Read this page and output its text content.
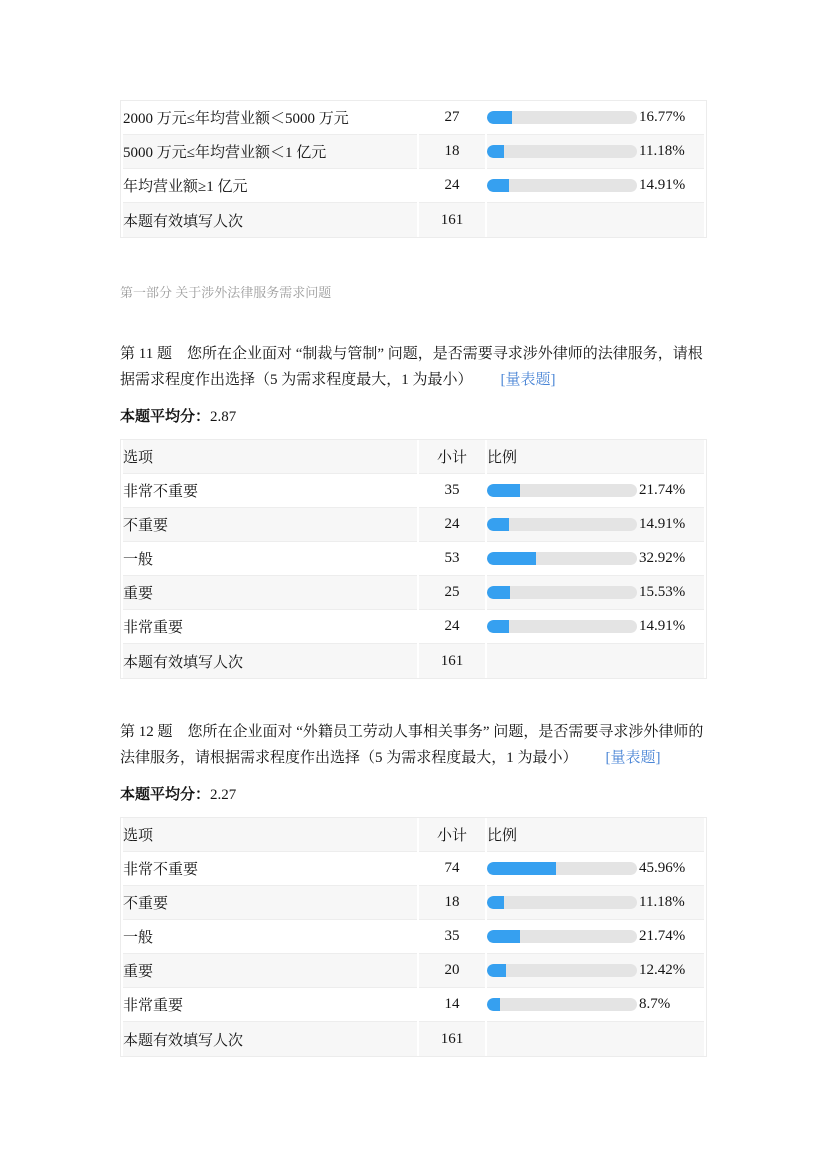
2000 万元≤年均营业额＜5000 万元	27	16.77%

5000 万元≤年均营业额＜1 亿元	18	11.18%

年均营业额≥1 亿元	24	14.91%

本题有效填写人次	161	
第一部分 关于涉外法律服务需求问题
第 11 题　您所在企业面对 “制裁与管制” 问题，是否需要寻求涉外律师的法律服务，请根据需求程度作出选择（5 为需求程度最大，1 为最小） [量表题]
本题平均分：2.87
选项	小计	比例
非常不重要	35	21.74%

不重要	24	14.91%

一般	53	32.92%

重要	25	15.53%

非常重要	24	14.91%

本题有效填写人次	161	
第 12 题　您所在企业面对 “外籍员工劳动人事相关事务” 问题，是否需要寻求涉外律师的法律服务，请根据需求程度作出选择（5 为需求程度最大，1 为最小） [量表题]
本题平均分：2.27
选项	小计	比例
非常不重要	74	45.96%

不重要	18	11.18%

一般	35	21.74%

重要	20	12.42%

非常重要	14	8.7%

本题有效填写人次	161	
